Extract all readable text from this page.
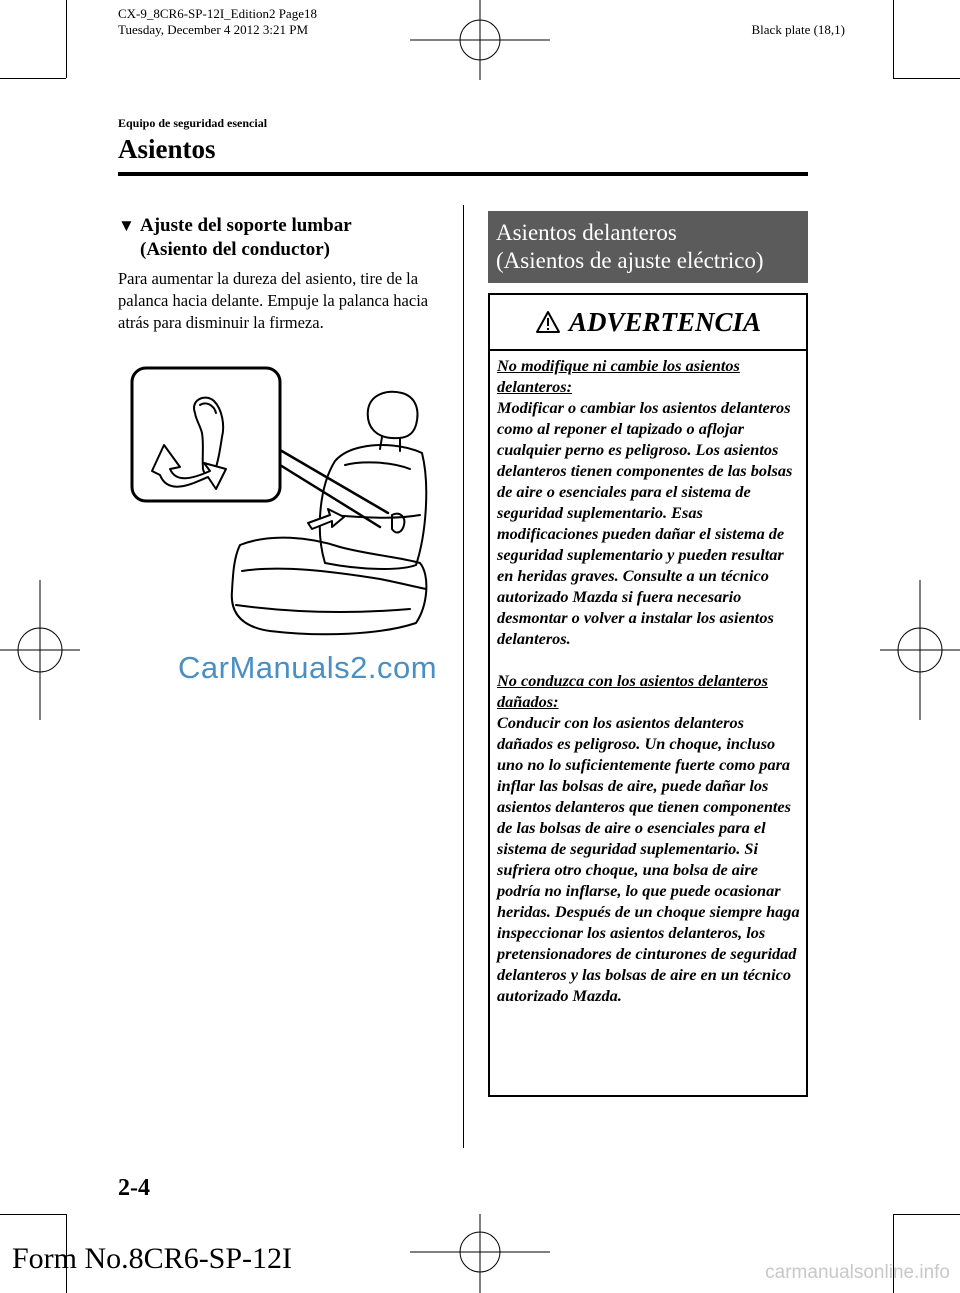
CX-9_8CR6-SP-12I_Edition2 Page18
Tuesday, December 4 2012 3:21 PM	Black plate (18,1)
Equipo de seguridad esencial
Asientos
▼ Ajuste del soporte lumbar
(Asiento del conductor)
Para aumentar la dureza del asiento, tire de la palanca hacia delante. Empuje la palanca hacia atrás para disminuir la firmeza.
CarManuals2.com
Asientos delanteros
(Asientos de ajuste eléctrico)
ADVERTENCIA

No modifique ni cambie los asientos delanteros:
Modificar o cambiar los asientos delanteros como al reponer el tapizado o aflojar cualquier perno es peligroso. Los asientos delanteros tienen componentes de las bolsas de aire o esenciales para el sistema de seguridad suplementario. Esas modificaciones pueden dañar el sistema de seguridad suplementario y pueden resultar en heridas graves. Consulte a un técnico autorizado Mazda si fuera necesario desmontar o volver a instalar los asientos delanteros.

No conduzca con los asientos delanteros dañados:
Conducir con los asientos delanteros dañados es peligroso. Un choque, incluso uno no lo suficientemente fuerte como para inflar las bolsas de aire, puede dañar los asientos delanteros que tienen componentes de las bolsas de aire o esenciales para el sistema de seguridad suplementario. Si sufriera otro choque, una bolsa de aire podría no inflarse, lo que puede ocasionar heridas. Después de un choque siempre haga inspeccionar los asientos delanteros, los pretensionadores de cinturones de seguridad delanteros y las bolsas de aire en un técnico autorizado Mazda.

2-4
Form No.8CR6-SP-12I	carmanualsonline.info
